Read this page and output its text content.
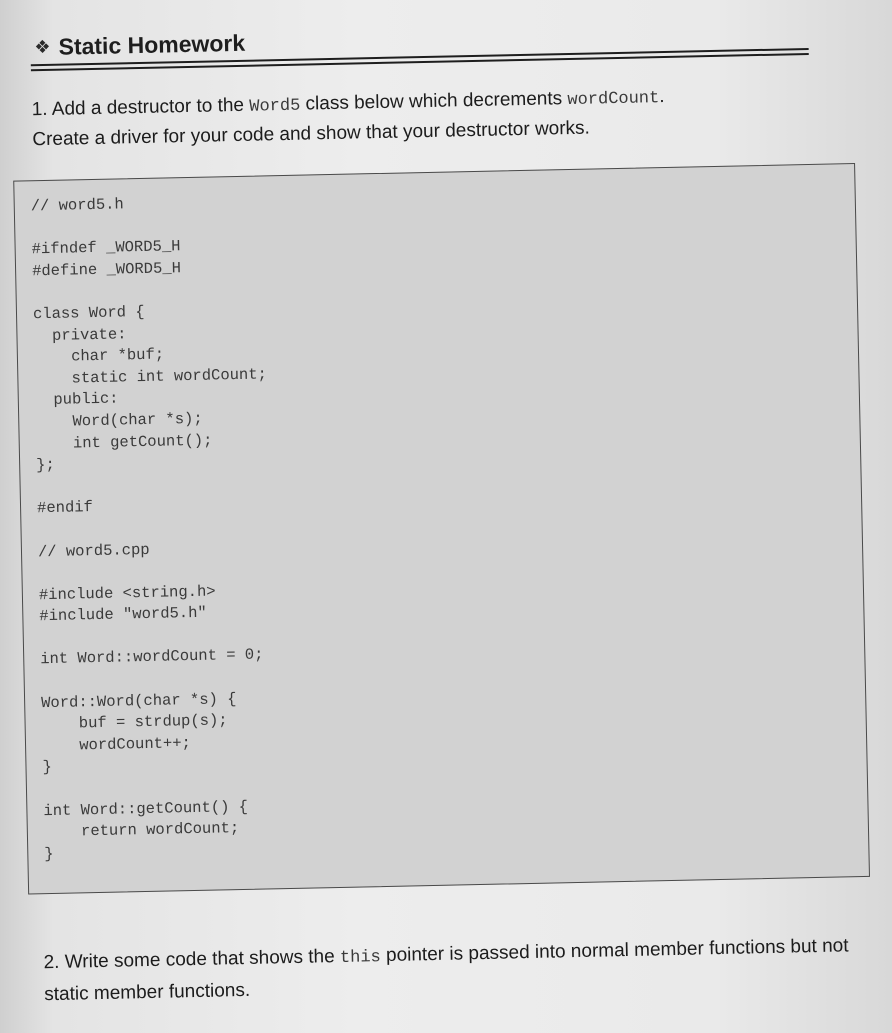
❖ Static Homework
1. Add a destructor to the Word5 class below which decrements wordCount.
Create a driver for your code and show that your destructor works.
// word5.h
#ifndef _WORD5_H
#define _WORD5_H
class Word {
private:
char *buf;
static int wordCount;
public:
Word(char *s);
int getCount();
};
#endif
// word5.cpp
#include <string.h>
#include "word5.h"
int Word::wordCount = 0;
Word::Word(char *s) {
buf = strdup(s);
wordCount++;
}
int Word::getCount() {
return wordCount;
}
2. Write some code that shows the this pointer is passed into normal member functions but not static member functions.
